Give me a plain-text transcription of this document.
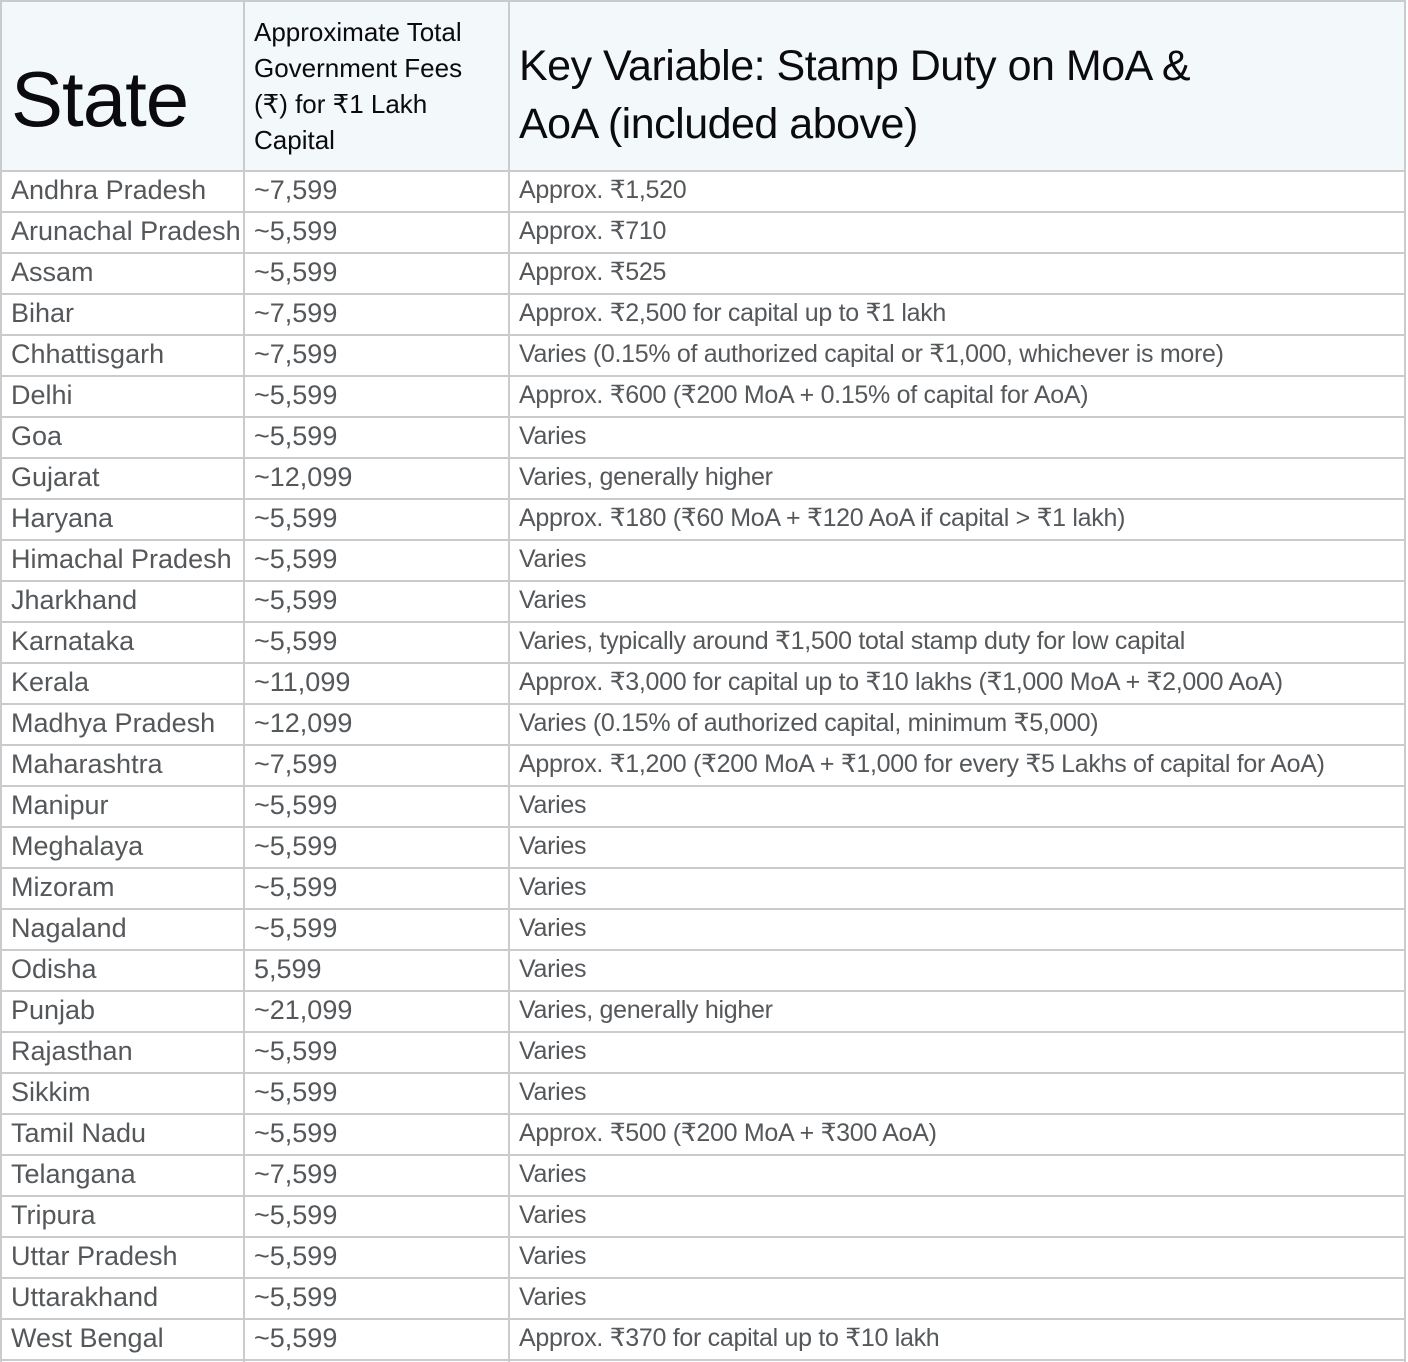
State	Approximate Total
Government Fees
(₹) for ₹1 Lakh
Capital	Key Variable: Stamp Duty on MoA &
AoA (included above)

Andhra Pradesh	~7,599	Approx. ₹1,520
Arunachal Pradesh	~5,599	Approx. ₹710
Assam	~5,599	Approx. ₹525
Bihar	~7,599	Approx. ₹2,500 for capital up to ₹1 lakh
Chhattisgarh	~7,599	Varies (0.15% of authorized capital or ₹1,000, whichever is more)
Delhi	~5,599	Approx. ₹600 (₹200 MoA + 0.15% of capital for AoA)
Goa	~5,599	Varies
Gujarat	~12,099	Varies, generally higher
Haryana	~5,599	Approx. ₹180 (₹60 MoA + ₹120 AoA if capital > ₹1 lakh)
Himachal Pradesh	~5,599	Varies
Jharkhand	~5,599	Varies
Karnataka	~5,599	Varies, typically around ₹1,500 total stamp duty for low capital
Kerala	~11,099	Approx. ₹3,000 for capital up to ₹10 lakhs (₹1,000 MoA + ₹2,000 AoA)
Madhya Pradesh	~12,099	Varies (0.15% of authorized capital, minimum ₹5,000)
Maharashtra	~7,599	Approx. ₹1,200 (₹200 MoA + ₹1,000 for every ₹5 Lakhs of capital for AoA)
Manipur	~5,599	Varies
Meghalaya	~5,599	Varies
Mizoram	~5,599	Varies
Nagaland	~5,599	Varies
Odisha	5,599	Varies
Punjab	~21,099	Varies, generally higher
Rajasthan	~5,599	Varies
Sikkim	~5,599	Varies
Tamil Nadu	~5,599	Approx. ₹500 (₹200 MoA + ₹300 AoA)
Telangana	~7,599	Varies
Tripura	~5,599	Varies
Uttar Pradesh	~5,599	Varies
Uttarakhand	~5,599	Varies
West Bengal	~5,599	Approx. ₹370 for capital up to ₹10 lakh
